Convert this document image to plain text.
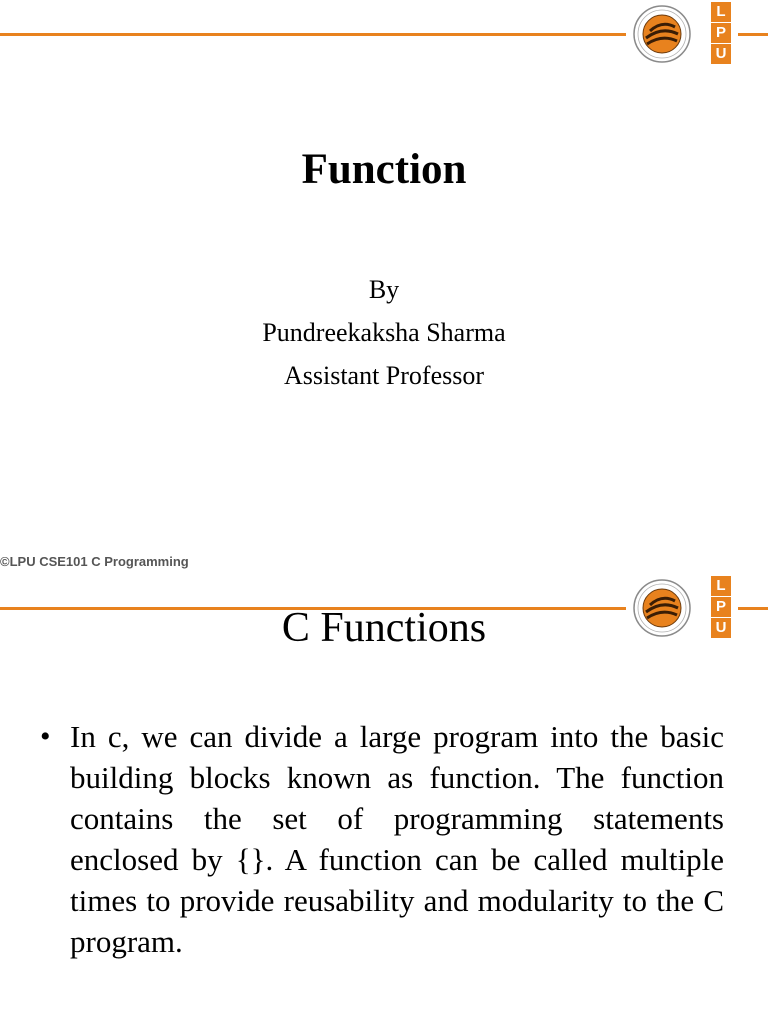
L
P
U
Function
By
Pundreekaksha Sharma
Assistant Professor
©LPU CSE101 C Programming
L
P
U
C Functions
• In c, we can divide a large program into the basic building blocks known as function. The function contains the set of programming statements enclosed by {}. A function can be called multiple times to provide reusability and modularity to the C program.
